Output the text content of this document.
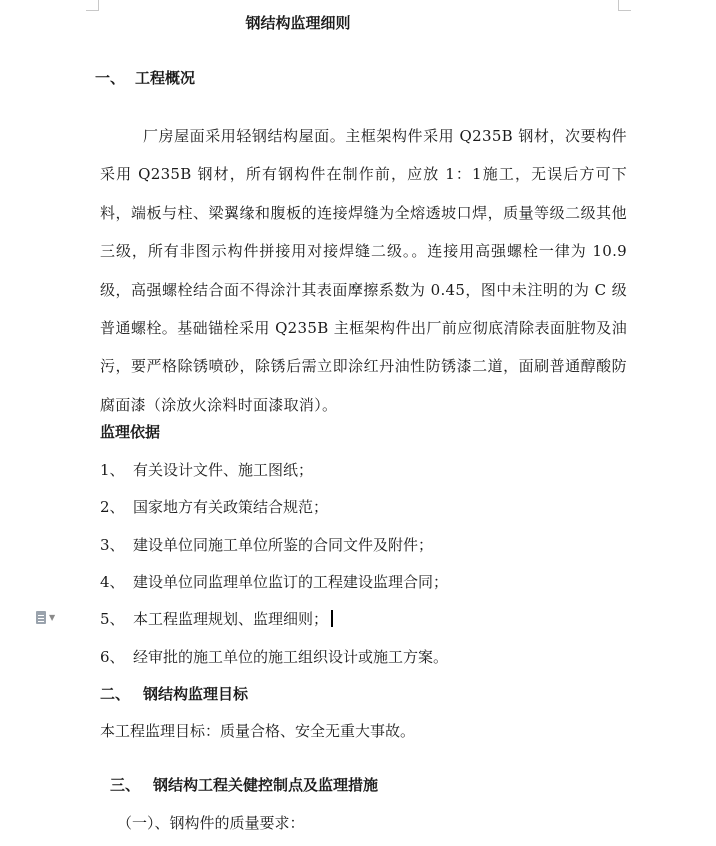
钢结构监理细则
一、 工程概况
厂房屋面采用轻钢结构屋面。主框架构件采用 Q235B 钢材，次要构件采用 Q235B 钢材，所有钢构件在制作前，应放 1：1施工，无误后方可下料，端板与柱、梁翼缘和腹板的连接焊缝为全熔透坡口焊，质量等级二级其他三级，所有非图示构件拼接用对接焊缝二级。。连接用高强螺栓一律为 10.9级，高强螺栓结合面不得涂汁其表面摩擦系数为 0.45，图中未注明的为 C 级普通螺栓。基础锚栓采用 Q235B 主框架构件出厂前应彻底清除表面脏物及油污，要严格除锈喷砂，除锈后需立即涂红丹油性防锈漆二道，面刷普通醇酸防腐面漆（涂放火涂料时面漆取消）。
监理依据
1、 有关设计文件、施工图纸；
2、 国家地方有关政策结合规范；
3、 建设单位同施工单位所鉴的合同文件及附件；
4、 建设单位同监理单位监订的工程建设监理合同；
5、 本工程监理规划、监理细则；
6、 经审批的施工单位的施工组织设计或施工方案。
▼
二、 钢结构监理目标
本工程监理目标：质量合格、安全无重大事故。
三、 钢结构工程关健控制点及监理措施
（一）、钢构件的质量要求：
